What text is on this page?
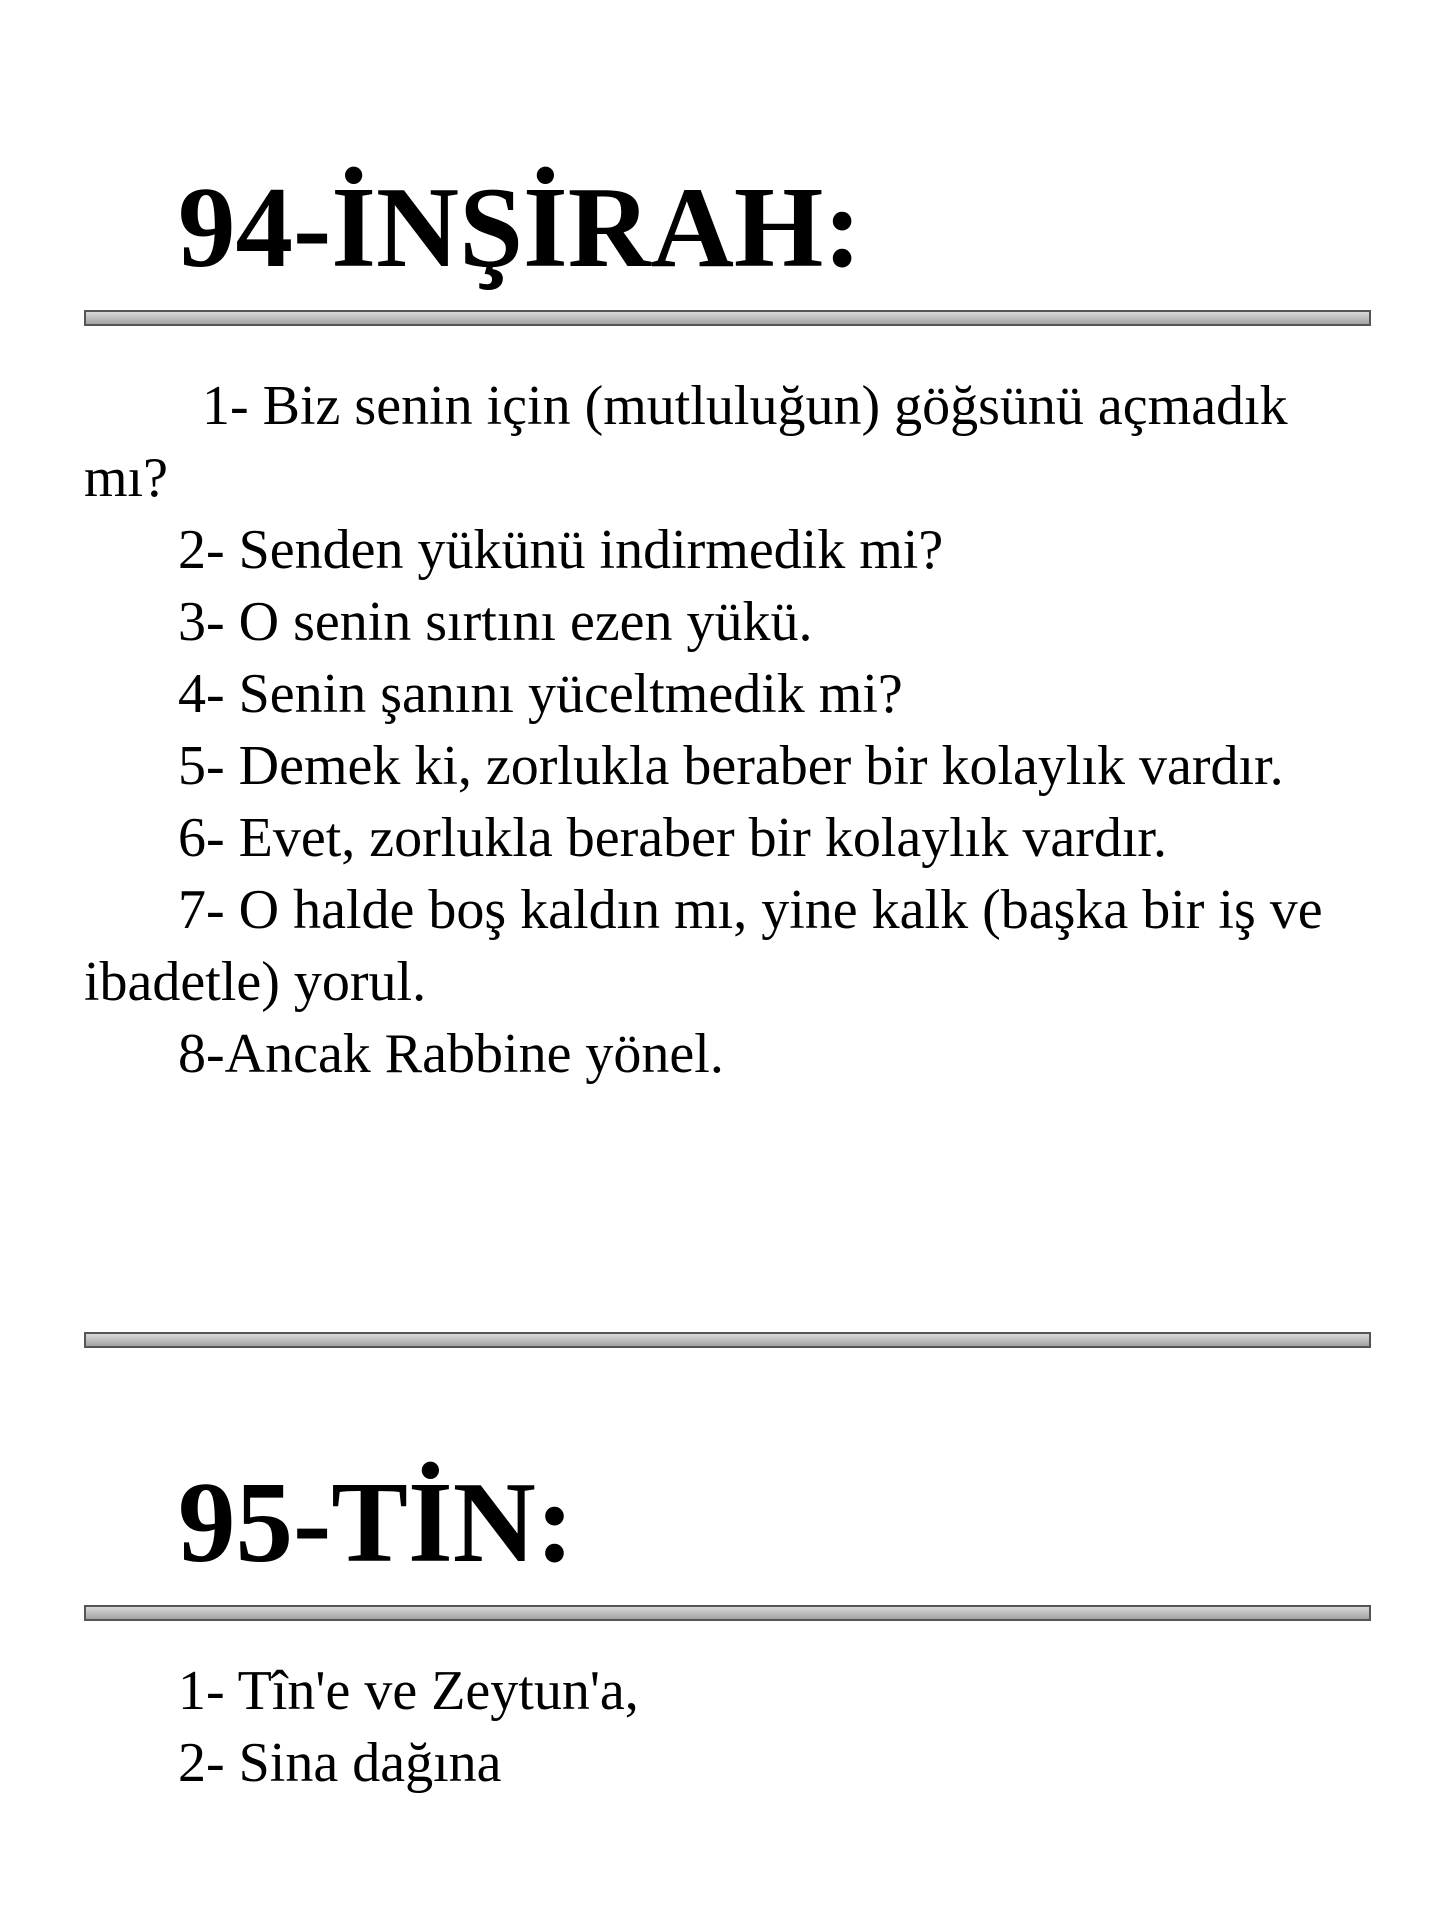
94-İNŞİRAH:
1- Biz senin için (mutluluğun) göğsünü açmadık mı?
2- Senden yükünü indirmedik mi?
3- O senin sırtını ezen yükü.
4- Senin şanını yüceltmedik mi?
5- Demek ki, zorlukla beraber bir kolaylık vardır.
6- Evet, zorlukla beraber bir kolaylık vardır.
7- O halde boş kaldın mı, yine kalk (başka bir iş ve ibadetle) yorul.
8-Ancak Rabbine yönel.
95-TİN:
1- Tîn'e ve Zeytun'a,
2- Sina dağına
